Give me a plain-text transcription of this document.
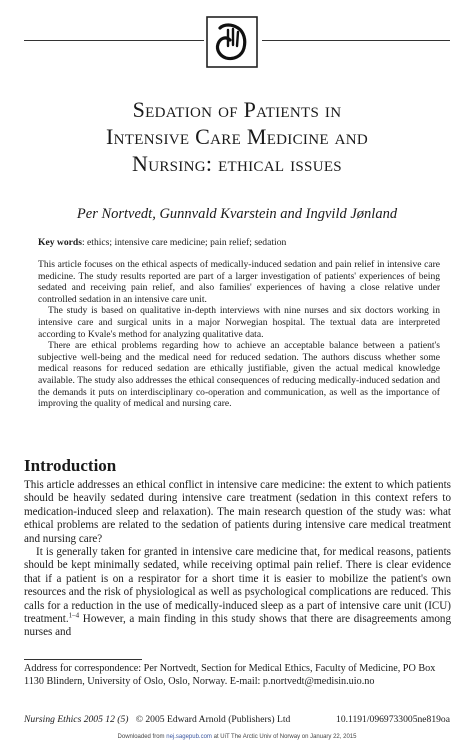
Sedation of Patients in
Intensive Care Medicine and
Nursing: ethical issues
Per Nortvedt, Gunnvald Kvarstein and Ingvild Jønland
Key words: ethics; intensive care medicine; pain relief; sedation

This article focuses on the ethical aspects of medically-induced sedation and pain relief in intensive care medicine. The study results reported are part of a larger investigation of patients' experiences of being sedated and receiving pain relief, and also families' experiences of having a close relative under controlled sedation in an intensive care unit.

The study is based on qualitative in-depth interviews with nine nurses and six doctors working in intensive care and surgical units in a major Norwegian hospital. The textual data are interpreted according to Kvale's method for analyzing qualitative data.

There are ethical problems regarding how to achieve an acceptable balance between a patient's subjective well-being and the medical need for reduced sedation. The authors discuss whether some medical reasons for reduced sedation are ethically justifiable, given the actual medical knowledge available. The study also addresses the ethical consequences of reducing medically-induced sedation and the demands it puts on interdisciplinary co-operation and communication, as well as the importance of improving the quality of medical and nursing care.

Introduction

This article addresses an ethical conflict in intensive care medicine: the extent to which patients should be heavily sedated during intensive care treatment (sedation in this context refers to medication-induced sleep and relaxation). The main research question of the study was: what ethical problems are related to the sedation of patients during intensive care medical treatment and nursing care?

It is generally taken for granted in intensive care medicine that, for medical reasons, patients should be kept minimally sedated, while receiving optimal pain relief. There is clear evidence that if a patient is on a respirator for a short time it is easier to mobilize the patient's own resources and the risk of physiological as well as psychological complications are reduced. This calls for a reduction in the use of medically-induced sleep as a part of intensive care unit (ICU) treatment.$^{1-4}$ However, a main finding in this study shows that there are disagreements among nurses and

Address for correspondence: Per Nortvedt, Section for Medical Ethics, Faculty of Medicine, PO Box 1130 Blindern, University of Oslo, Oslo, Norway. E-mail: p.nortvedt@medisin.uio.no
Nursing Ethics 2005 12 (5) © 2005 Edward Arnold (Publishers) Ltd	10.1191/0969733005ne819oa
Downloaded from nej.sagepub.com at UiT The Arctic Univ of Norway on January 22, 2015
